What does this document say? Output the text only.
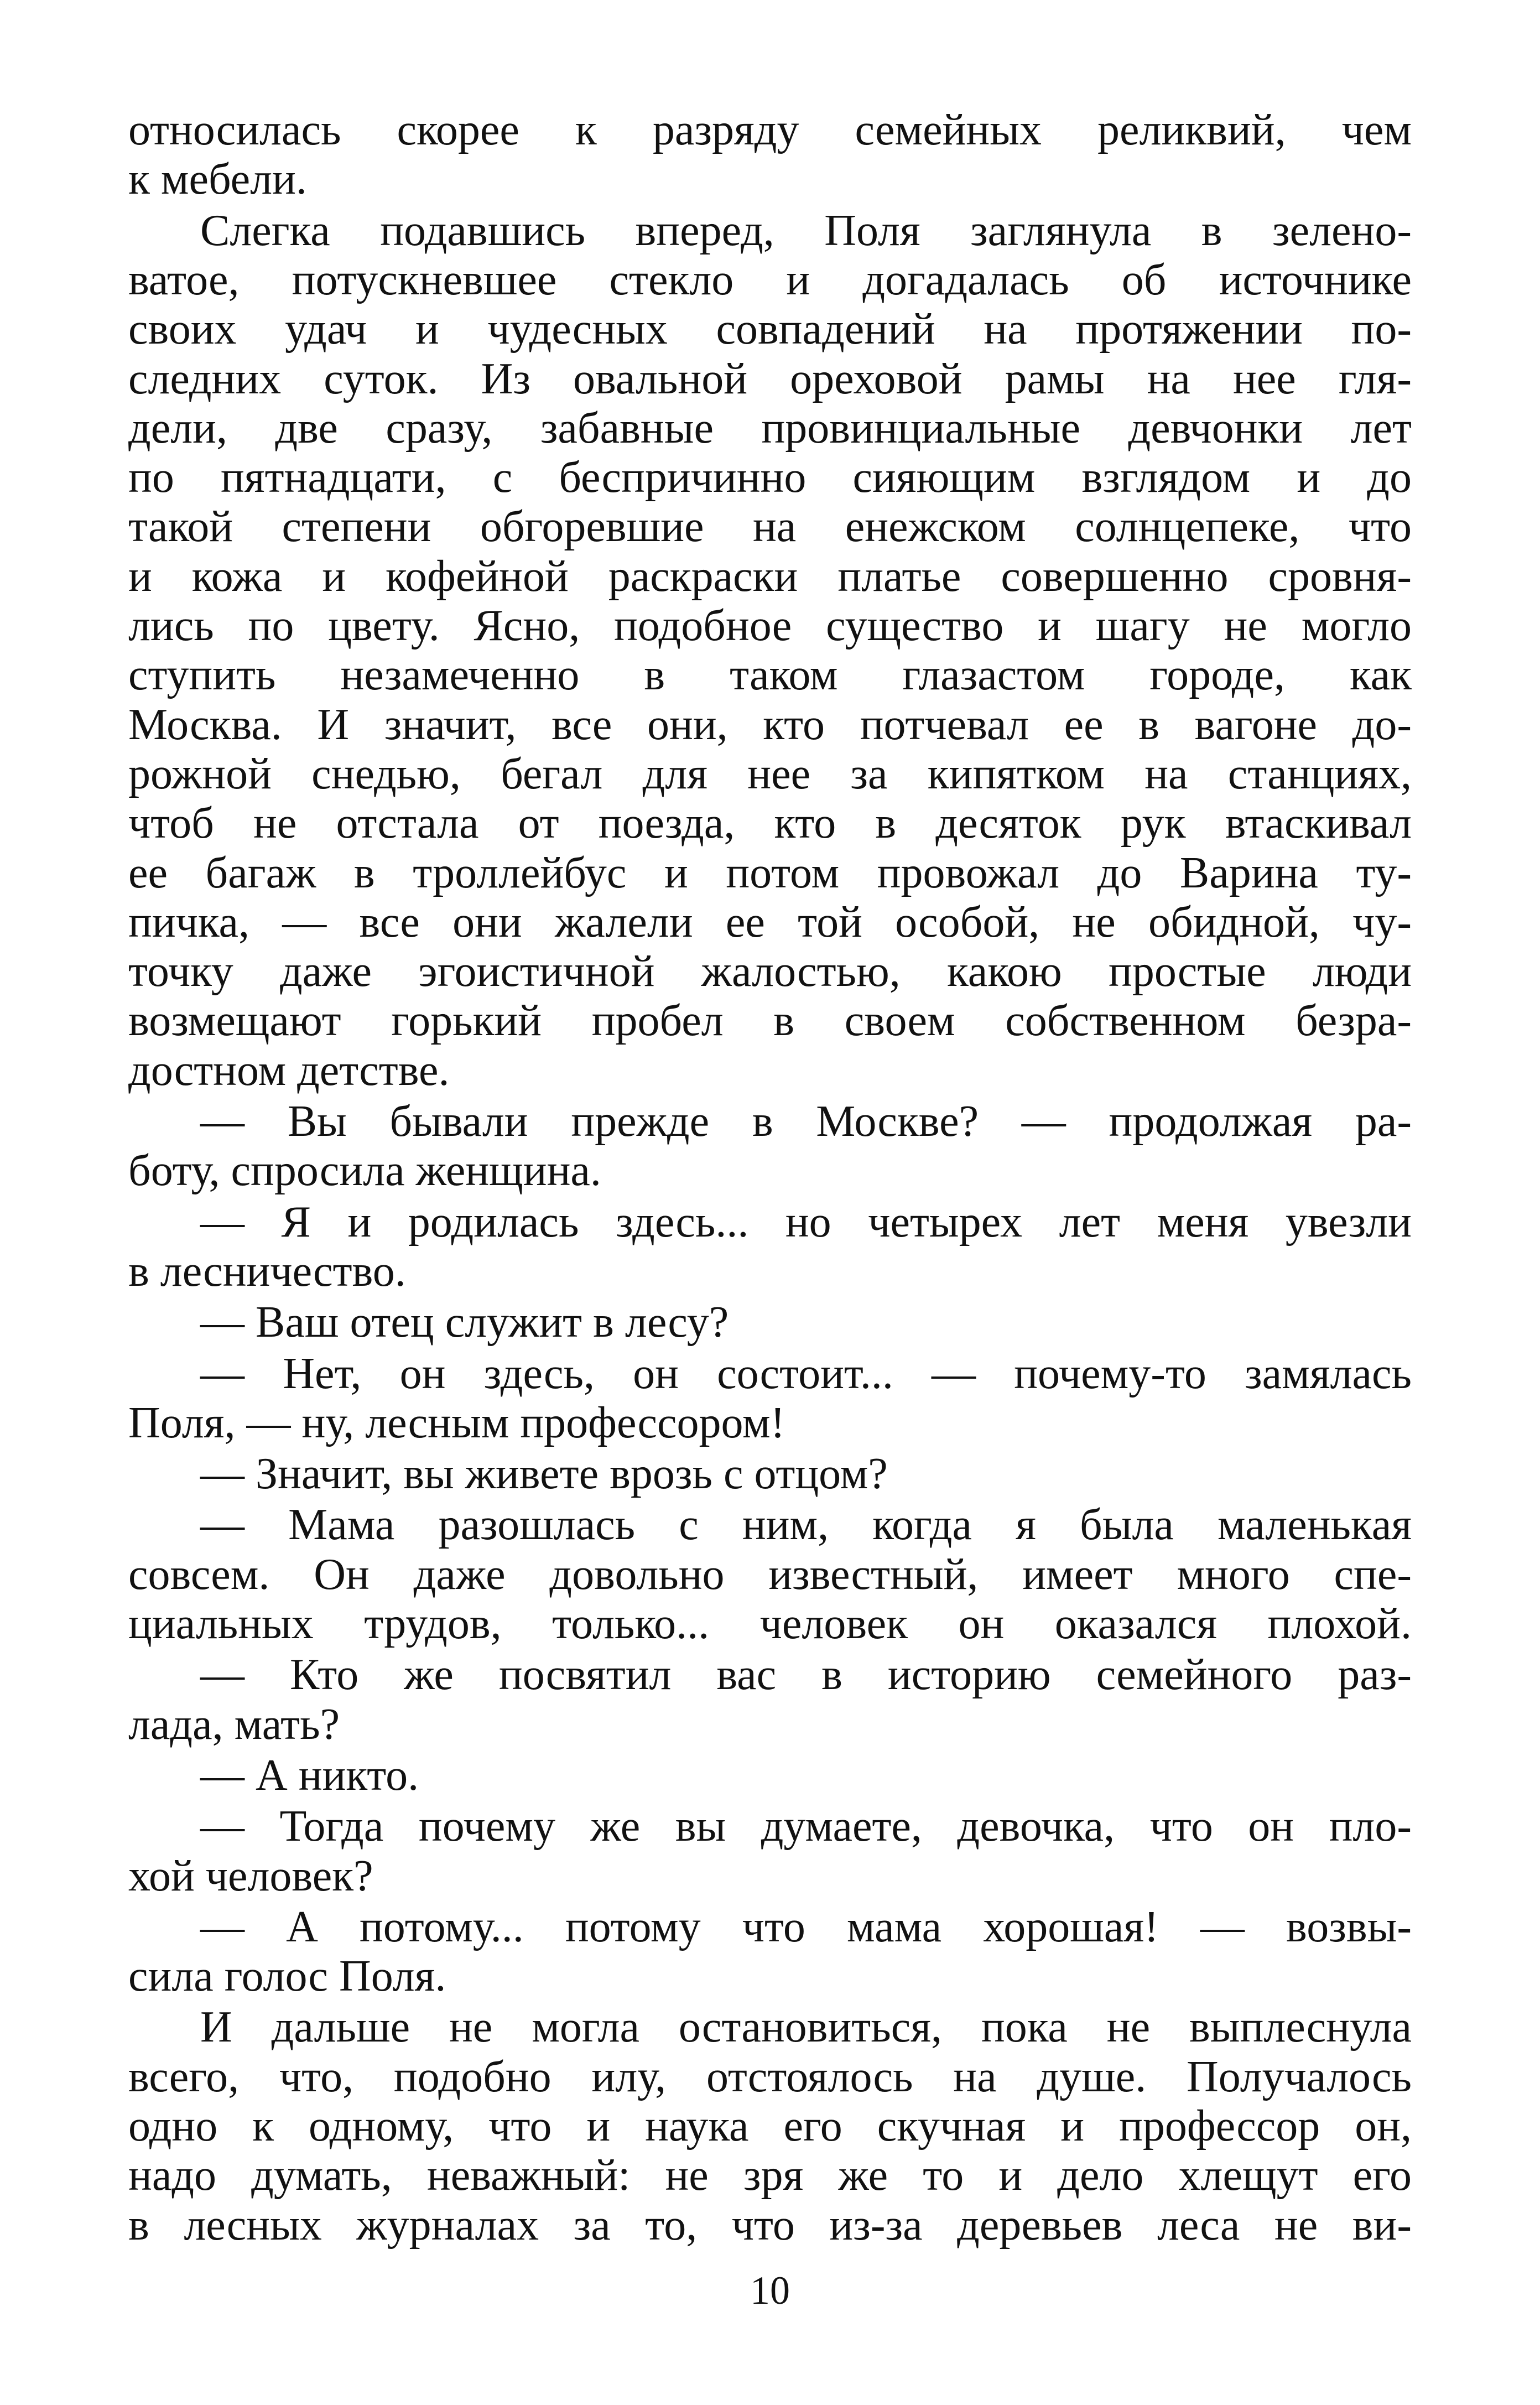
относилась скорее к разряду семейных реликвий, чем
к мебели.
Слегка подавшись вперед, Поля заглянула в зелено-
ватое, потускневшее стекло и догадалась об источнике
своих удач и чудесных совпадений на протяжении по-
следних суток. Из овальной ореховой рамы на нее гля-
дели, две сразу, забавные провинциальные девчонки лет
по пятнадцати, с беспричинно сияющим взглядом и до
такой степени обгоревшие на енежском солнцепеке, что
и кожа и кофейной раскраски платье совершенно сровня-
лись по цвету. Ясно, подобное существо и шагу не могло
ступить незамеченно в таком глазастом городе, как
Москва. И значит, все они, кто потчевал ее в вагоне до-
рожной снедью, бегал для нее за кипятком на станциях,
чтоб не отстала от поезда, кто в десяток рук втаскивал
ее багаж в троллейбус и потом провожал до Варина ту-
пичка, — все они жалели ее той особой, не обидной, чу-
точку даже эгоистичной жалостью, какою простые люди
возмещают горький пробел в своем собственном безра-
достном детстве.
— Вы бывали прежде в Москве? — продолжая ра-
боту, спросила женщина.
— Я и родилась здесь... но четырех лет меня увезли
в лесничество.
— Ваш отец служит в лесу?
— Нет, он здесь, он состоит... — почему-то замялась
Поля, — ну, лесным профессором!
— Значит, вы живете врозь с отцом?
— Мама разошлась с ним, когда я была маленькая
совсем. Он даже довольно известный, имеет много спе-
циальных трудов, только... человек он оказался плохой.
— Кто же посвятил вас в историю семейного раз-
лада, мать?
— А никто.
— Тогда почему же вы думаете, девочка, что он пло-
хой человек?
— А потому... потому что мама хорошая! — возвы-
сила голос Поля.
И дальше не могла остановиться, пока не выплеснула
всего, что, подобно илу, отстоялось на душе. Получалось
одно к одному, что и наука его скучная и профессор он,
надо думать, неважный: не зря же то и дело хлещут его
в лесных журналах за то, что из-за деревьев леса не ви-
10
